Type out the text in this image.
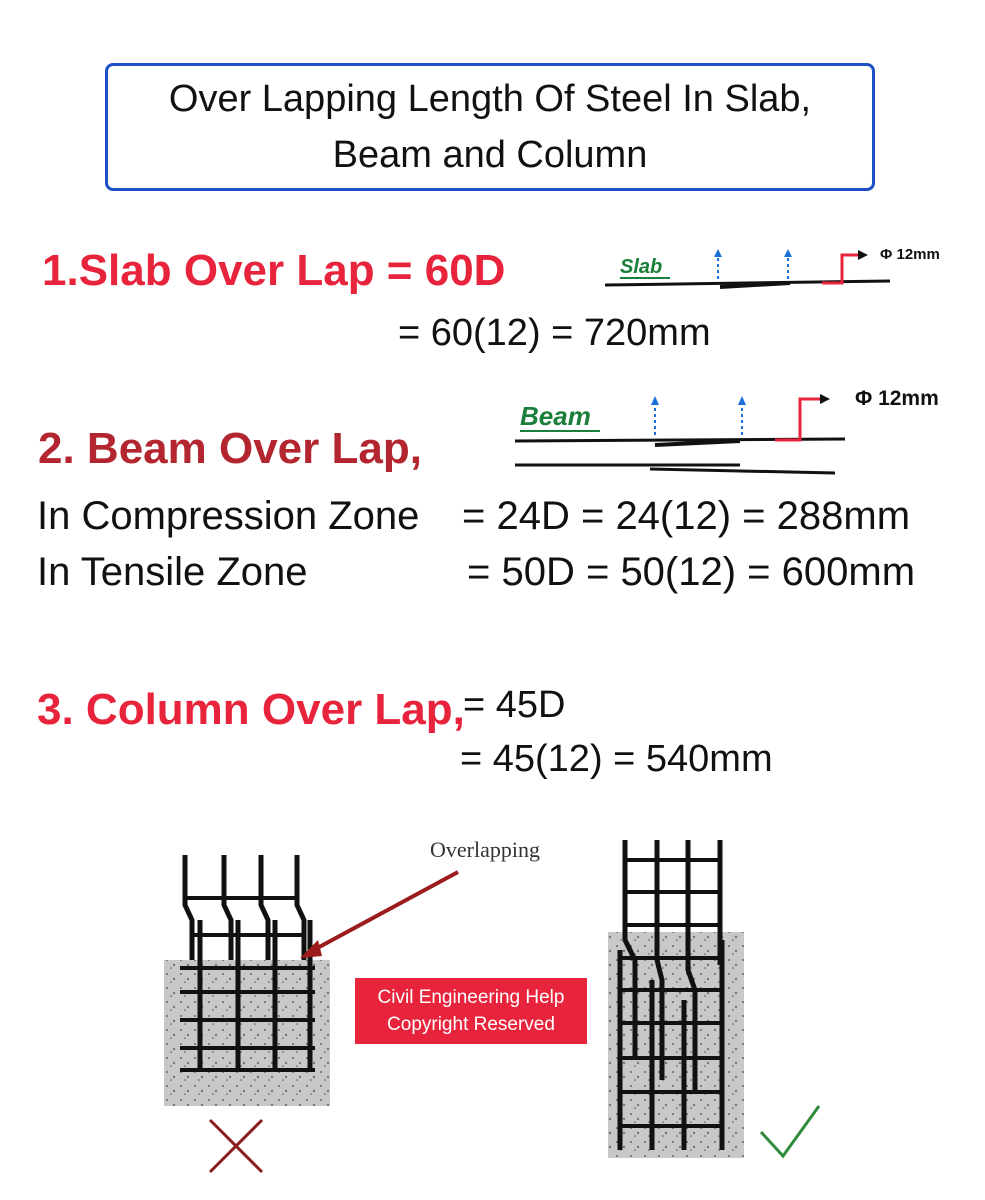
Over Lapping Length Of Steel In Slab,
Beam and Column
1.Slab Over Lap = 60D
= 60(12) = 720mm
Slab
Φ 12mm
Beam
Φ 12mm
2. Beam Over Lap,
In Compression Zone = 24D = 24(12) = 288mm
In Tensile Zone	= 50D = 50(12) = 600mm
3. Column Over Lap,
= 45D
= 45(12) = 540mm
Overlapping
Civil Engineering Help
Copyright Reserved
